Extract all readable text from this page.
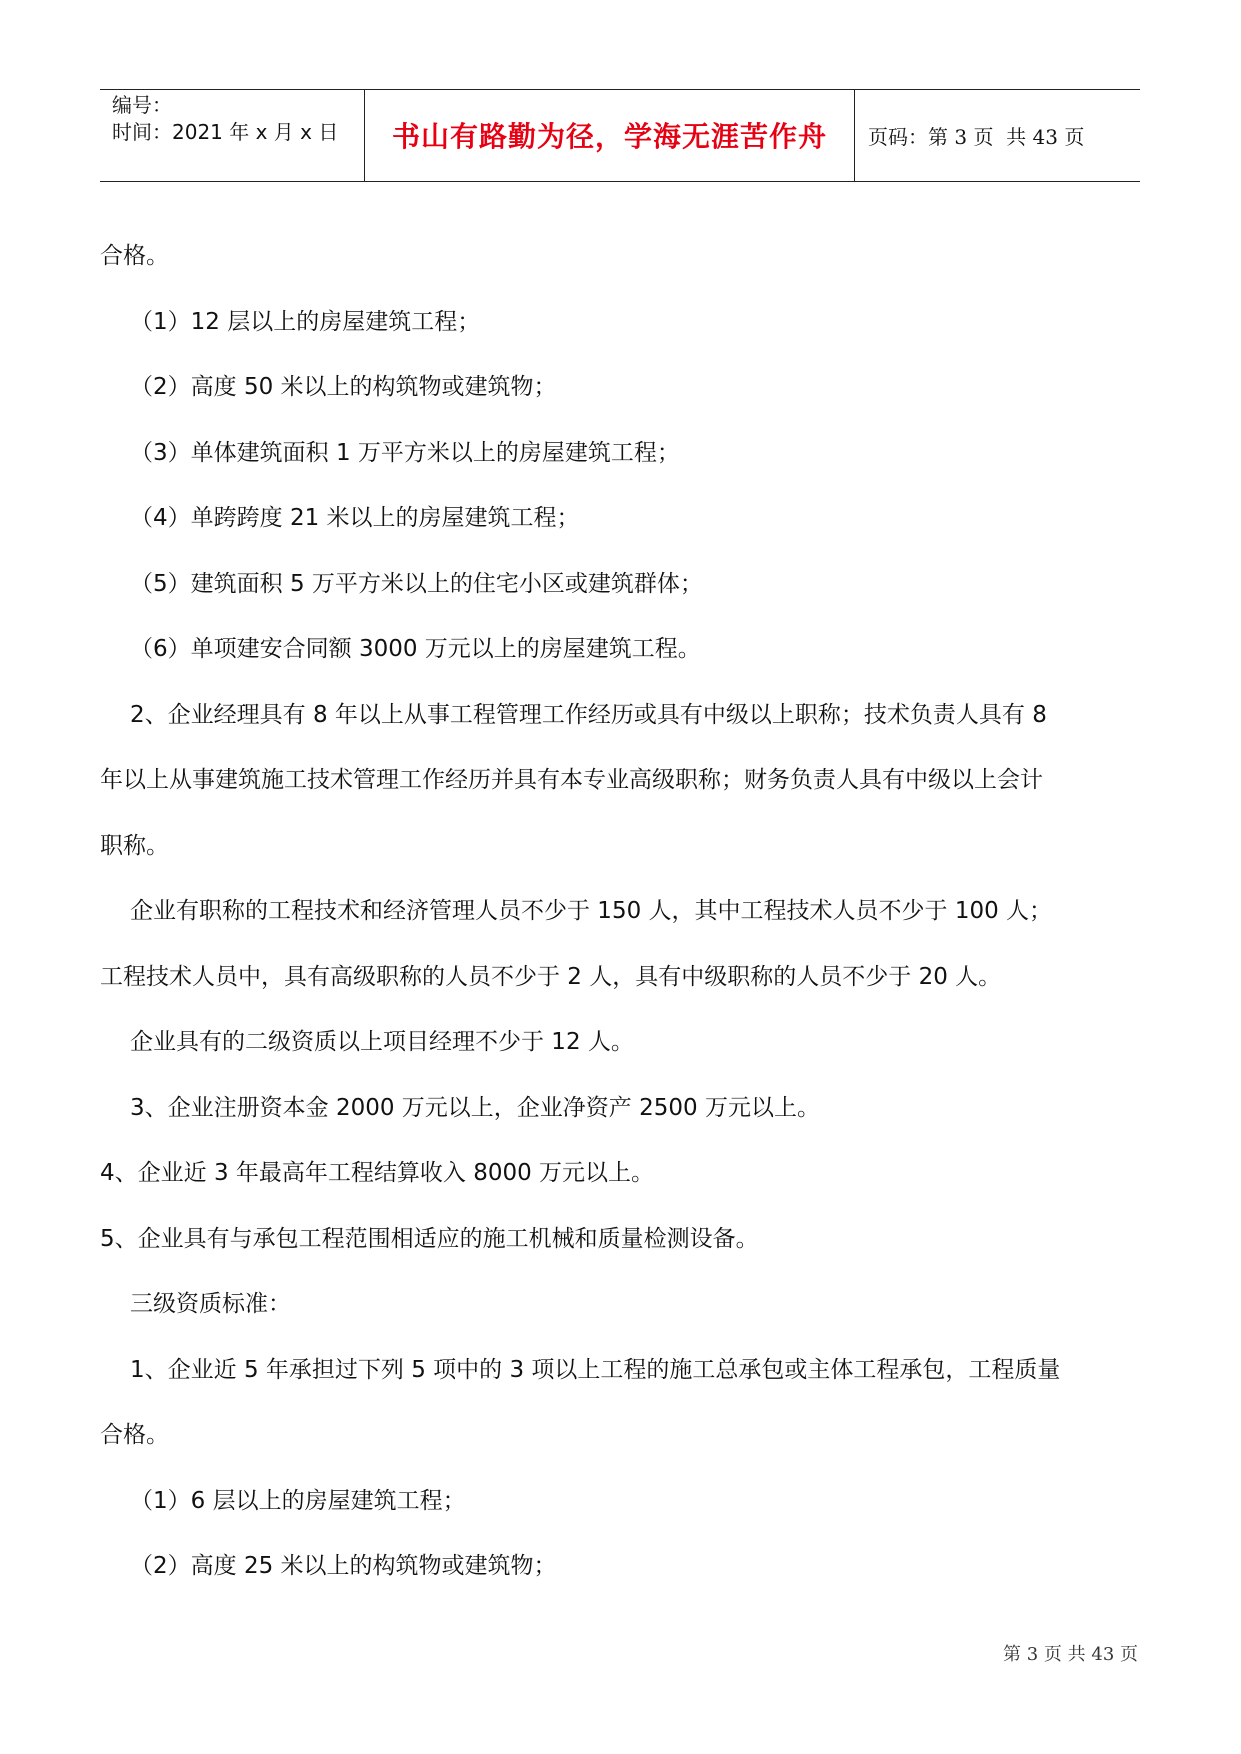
编号：
时间：2021 年 x 月 x 日	书山有路勤为径，学海无涯苦作舟	页码：第 3 页  共 43 页

合格。

（1）12 层以上的房屋建筑工程；

（2）高度 50 米以上的构筑物或建筑物；

（3）单体建筑面积 1 万平方米以上的房屋建筑工程；

（4）单跨跨度 21 米以上的房屋建筑工程；

（5）建筑面积 5 万平方米以上的住宅小区或建筑群体；

（6）单项建安合同额 3000 万元以上的房屋建筑工程。

2、企业经理具有 8 年以上从事工程管理工作经历或具有中级以上职称；技术负责人具有 8

年以上从事建筑施工技术管理工作经历并具有本专业高级职称；财务负责人具有中级以上会计

职称。

企业有职称的工程技术和经济管理人员不少于 150 人，其中工程技术人员不少于 100 人；

工程技术人员中，具有高级职称的人员不少于 2 人，具有中级职称的人员不少于 20 人。

企业具有的二级资质以上项目经理不少于 12 人。

3、企业注册资本金 2000 万元以上，企业净资产 2500 万元以上。

4、企业近 3 年最高年工程结算收入 8000 万元以上。

5、企业具有与承包工程范围相适应的施工机械和质量检测设备。

三级资质标准：

1、企业近 5 年承担过下列 5 项中的 3 项以上工程的施工总承包或主体工程承包，工程质量

合格。

（1）6 层以上的房屋建筑工程；

（2）高度 25 米以上的构筑物或建筑物；

第 3 页 共 43 页
